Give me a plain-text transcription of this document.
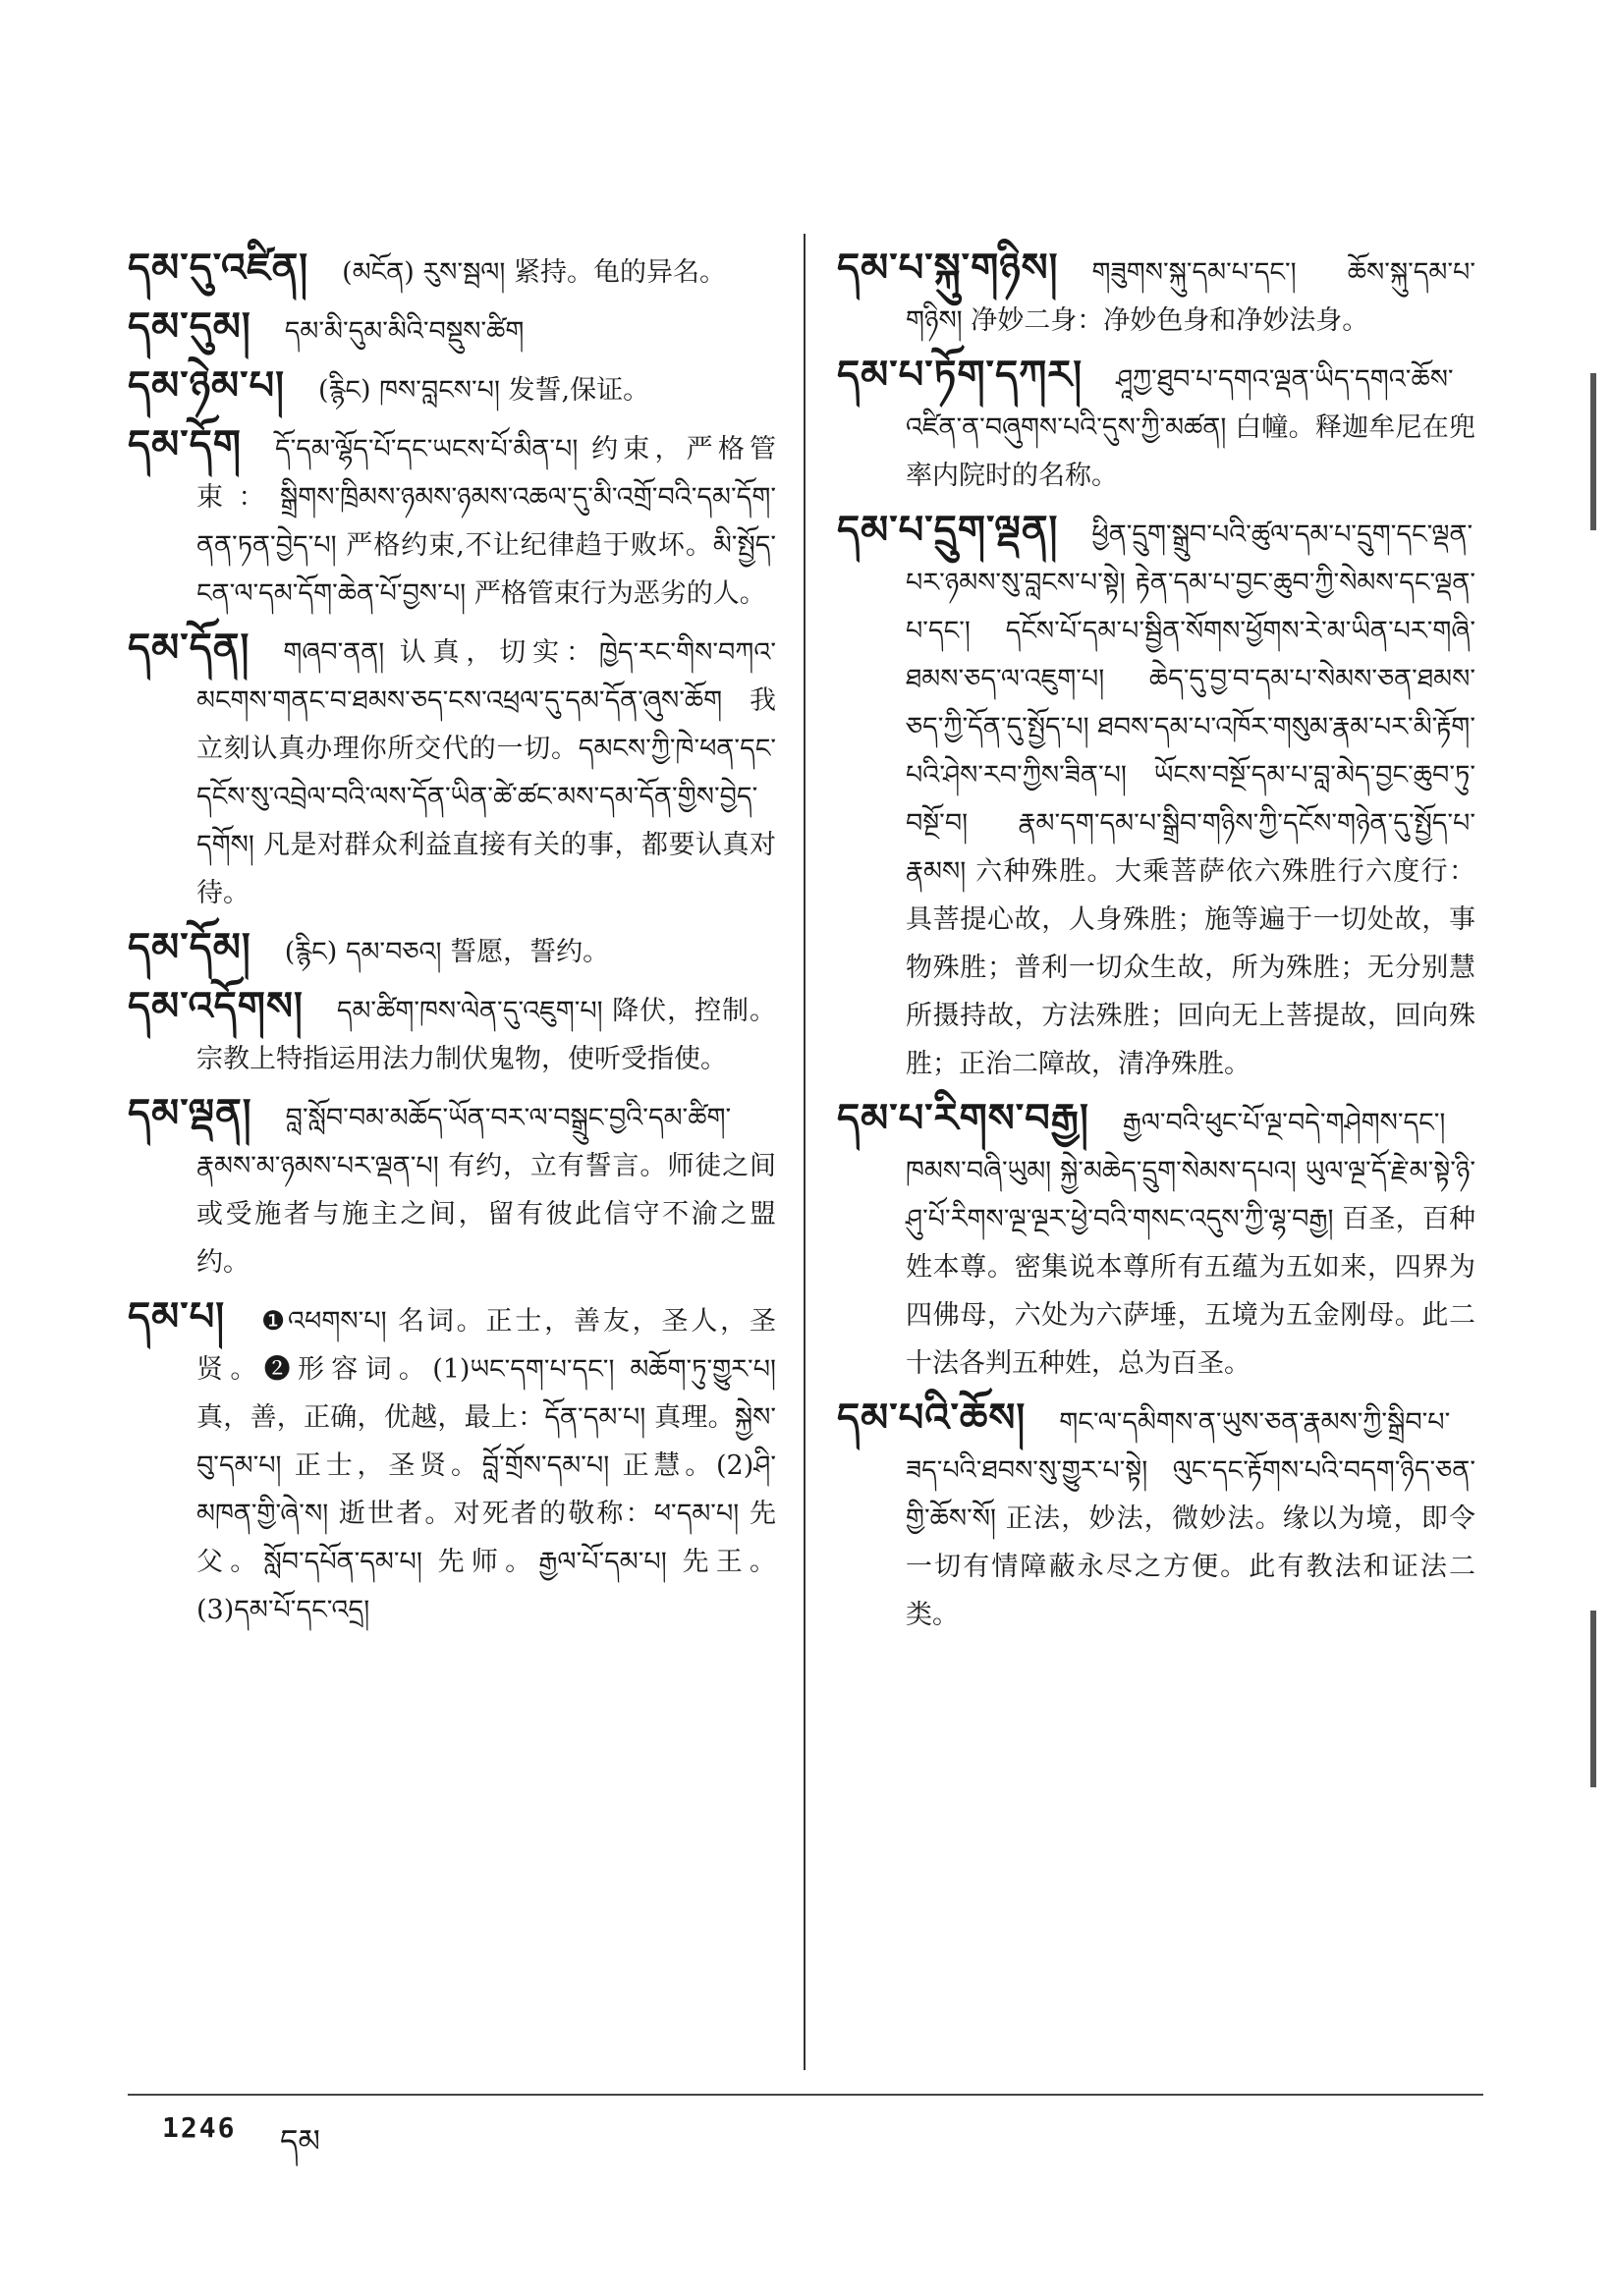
དམ་དུ་འཛིན། (མངོན) རུས་སྦལ། 紧持。龟的异名。

དམ་དུམ། དམ་མི་དུམ་མིའི་བསྡུས་ཚིག

དམ་ཉེམ་པ། (རྙིང) ཁས་བླངས་པ། 发誓,保证。

དམ་དོག དོ་དམ་ལྷོད་པོ་དང་ཡངས་པོ་མིན་པ། 约束，严格管束：སྒྲིགས་ཁྲིམས་ཉམས་ཉམས་འཆལ་དུ་མི་འགྲོ་བའི་དམ་དོག་ནན་ཏན་བྱེད་པ། 严格约束,不让纪律趋于败坏。མི་སྤྱོད་ངན་ལ་དམ་དོག་ཆེན་པོ་བྱས་པ། 严格管束行为恶劣的人。

དམ་དོན། གཞབ་ནན། 认真，切实：ཁྱེད་རང་གིས་བཀའ་མངགས་གནང་བ་ཐམས་ཅད་ངས་འཕྲལ་དུ་དམ་དོན་ཞུས་ཆོག 我立刻认真办理你所交代的一切。དམངས་ཀྱི་ཁེ་ཕན་དང་དངོས་སུ་འབྲེལ་བའི་ལས་དོན་ཡིན་ཚེ་ཚང་མས་དམ་དོན་གྱིས་བྱེད་དགོས། 凡是对群众利益直接有关的事，都要认真对待。

དམ་དོམ། (རྙིང) དམ་བཅའ། 誓愿，誓约。

དམ་འདོགས། དམ་ཚིག་ཁས་ལེན་དུ་འཇུག་པ། 降伏，控制。宗教上特指运用法力制伏鬼物，使听受指使。

དམ་ལྡན། བླ་སློབ་བམ་མཆོད་ཡོན་བར་ལ་བསྒྲུང་བྱའི་དམ་ཚིག་རྣམས་མ་ཉམས་པར་ལྡན་པ། 有约，立有誓言。师徒之间或受施者与施主之间，留有彼此信守不渝之盟约。

དམ་པ། ❶འཕགས་པ། 名词。正士，善友，圣人，圣贤。❷形容词。(1)ཡང་དག་པ་དང་། མཆོག་ཏུ་གྱུར་པ། 真，善，正确，优越，最上：དོན་དམ་པ། 真理。སྐྱེས་བུ་དམ་པ། 正士，圣贤。བློ་གྲོས་དམ་པ། 正慧。(2)ཤི་མཁན་གྱི་ཞེ་ས། 逝世者。对死者的敬称：ཕ་དམ་པ། 先父。སློབ་དཔོན་དམ་པ། 先师。རྒྱལ་པོ་དམ་པ། 先王。(3)དམ་པོ་དང་འདྲ།

དམ་པ་སྐུ་གཉིས། གཟུགས་སྐུ་དམ་པ་དང་། ཆོས་སྐུ་དམ་པ་གཉིས། 净妙二身：净妙色身和净妙法身。

དམ་པ་ཏོག་དཀར། ཤཱཀྱ་ཐུབ་པ་དགའ་ལྡན་ཡིད་དགའ་ཆོས་འཛིན་ན་བཞུགས་པའི་དུས་ཀྱི་མཚན། 白幢。释迦牟尼在兜率内院时的名称。

དམ་པ་དྲུག་ལྡན། ཕྱིན་དྲུག་སྒྲུབ་པའི་ཚུལ་དམ་པ་དྲུག་དང་ལྡན་པར་ཉམས་སུ་བླངས་པ་སྟེ། རྟེན་དམ་པ་བྱང་ཆུབ་ཀྱི་སེམས་དང་ལྡན་པ་དང་། དངོས་པོ་དམ་པ་སྦྱིན་སོགས་ཕྱོགས་རེ་མ་ཡིན་པར་གཞི་ཐམས་ཅད་ལ་འཇུག་པ། ཆེད་དུ་བྱ་བ་དམ་པ་སེམས་ཅན་ཐམས་ཅད་ཀྱི་དོན་དུ་སྤྱོད་པ། ཐབས་དམ་པ་འཁོར་གསུམ་རྣམ་པར་མི་རྟོག་པའི་ཤེས་རབ་ཀྱིས་ཟིན་པ། ཡོངས་བསྔོ་དམ་པ་བླ་མེད་བྱང་ཆུབ་ཏུ་བསྔོ་བ། རྣམ་དག་དམ་པ་སྒྲིབ་གཉིས་ཀྱི་དངོས་གཉེན་དུ་སྤྱོད་པ་རྣམས། 六种殊胜。大乘菩萨依六殊胜行六度行：具菩提心故，人身殊胜；施等遍于一切处故，事物殊胜；普利一切众生故，所为殊胜；无分别慧所摄持故，方法殊胜；回向无上菩提故，回向殊胜；正治二障故，清净殊胜。

དམ་པ་རིགས་བརྒྱ། རྒྱལ་བའི་ཕུང་པོ་ལྔ་བདེ་གཤེགས་དང་། ཁམས་བཞི་ཡུམ། སྐྱེ་མཆེད་དྲུག་སེམས་དཔའ། ཡུལ་ལྔ་དོ་རྗེ་མ་སྟེ་ཉི་ཤུ་པོ་རིགས་ལྔ་ལྔར་ཕྱེ་བའི་གསང་འདུས་ཀྱི་ལྷ་བརྒྱ། 百圣，百种姓本尊。密集说本尊所有五蕴为五如来，四界为四佛母，六处为六萨埵，五境为五金刚母。此二十法各判五种姓，总为百圣。

དམ་པའི་ཆོས། གང་ལ་དམིགས་ན་ཡུས་ཅན་རྣམས་ཀྱི་སྒྲིབ་པ་ཟད་པའི་ཐབས་སུ་གྱུར་པ་སྟེ། ལུང་དང་རྟོགས་པའི་བདག་ཉིད་ཅན་གྱི་ཆོས་སོ། 正法，妙法，微妙法。缘以为境，即令一切有情障蔽永尽之方便。此有教法和证法二类。

1246 དམ
